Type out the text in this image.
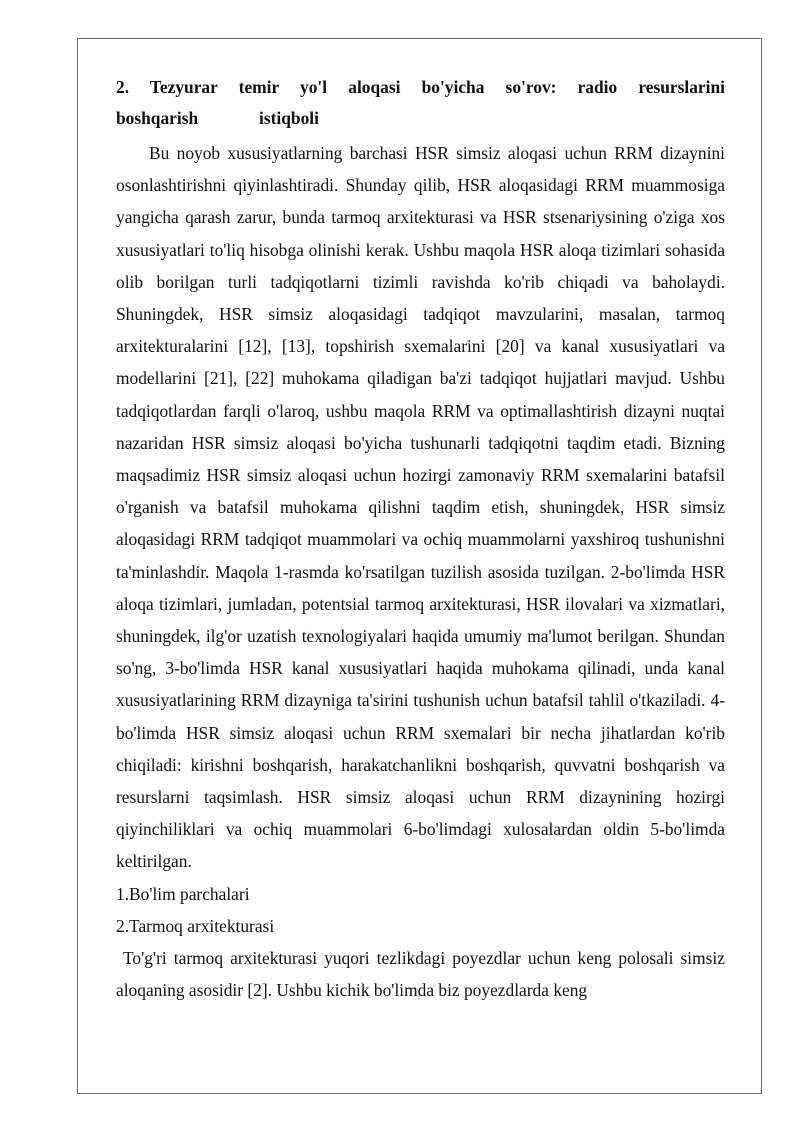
2. Tezyurar temir yo'l aloqasi bo'yicha so'rov: radio resurslarini

boshqarish	istiqboli

Bu noyob xususiyatlarning barchasi HSR simsiz aloqasi uchun RRM dizaynini osonlashtirishni qiyinlashtiradi. Shunday qilib, HSR aloqasidagi RRM muammosiga yangicha qarash zarur, bunda tarmoq arxitekturasi va HSR stsenariysining o'ziga xos xususiyatlari to'liq hisobga olinishi kerak. Ushbu maqola HSR aloqa tizimlari sohasida olib borilgan turli tadqiqotlarni tizimli ravishda ko'rib chiqadi va baholaydi. Shuningdek, HSR simsiz aloqasidagi tadqiqot mavzularini, masalan, tarmoq arxitekturalarini [12], [13], topshirish sxemalarini [20] va kanal xususiyatlari va modellarini [21], [22] muhokama qiladigan ba'zi tadqiqot hujjatlari mavjud. Ushbu tadqiqotlardan farqli o'laroq, ushbu maqola RRM va optimallashtirish dizayni nuqtai nazaridan HSR simsiz aloqasi bo'yicha tushunarli tadqiqotni taqdim etadi. Bizning maqsadimiz HSR simsiz aloqasi uchun hozirgi zamonaviy RRM sxemalarini batafsil o'rganish va batafsil muhokama qilishni taqdim etish, shuningdek, HSR simsiz aloqasidagi RRM tadqiqot muammolari va ochiq muammolarni yaxshiroq tushunishni ta'minlashdir. Maqola 1-rasmda ko'rsatilgan tuzilish asosida tuzilgan. 2-bo'limda HSR aloqa tizimlari, jumladan, potentsial tarmoq arxitekturasi, HSR ilovalari va xizmatlari, shuningdek, ilg'or uzatish texnologiyalari haqida umumiy ma'lumot berilgan. Shundan so'ng, 3-bo'limda HSR kanal xususiyatlari haqida muhokama qilinadi, unda kanal xususiyatlarining RRM dizayniga ta'sirini tushunish uchun batafsil tahlil o'tkaziladi. 4-bo'limda HSR simsiz aloqasi uchun RRM sxemalari bir necha jihatlardan ko'rib chiqiladi: kirishni boshqarish, harakatchanlikni boshqarish, quvvatni boshqarish va resurslarni taqsimlash. HSR simsiz aloqasi uchun RRM dizaynining hozirgi qiyinchiliklari va ochiq muammolari 6-bo'limdagi xulosalardan oldin 5-bo'limda keltirilgan.

1.Bo'lim parchalari

2.Tarmoq arxitekturasi

To'g'ri tarmoq arxitekturasi yuqori tezlikdagi poyezdlar uchun keng polosali simsiz aloqaning asosidir [2]. Ushbu kichik bo'limda biz poyezdlarda keng
